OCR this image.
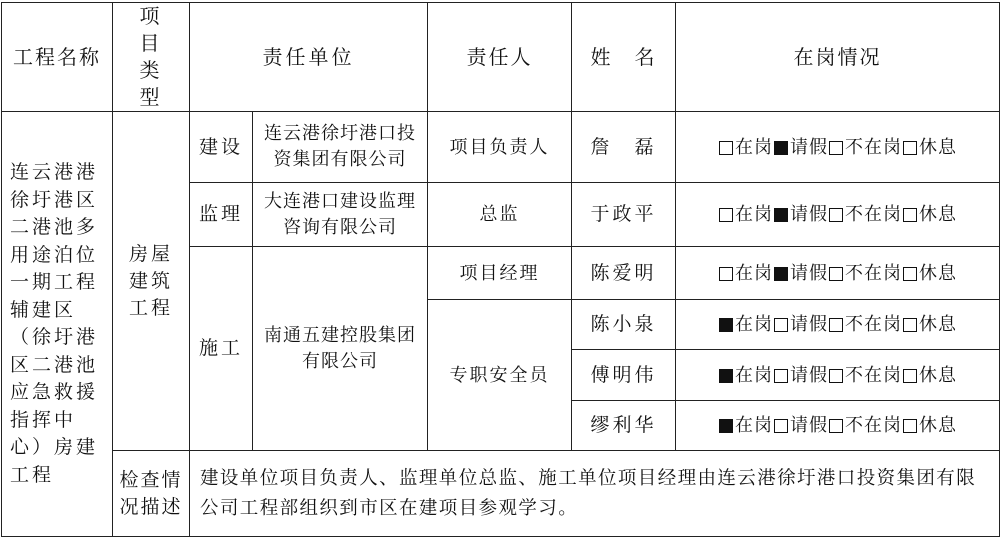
工程名称	项目类型	责任单位		责任人	姓　名	在岗情况
连云港港徐圩港区二港池多用途泊位一期工程辅建区（徐圩港区二港池应急救援指挥中心）房建工程	房屋建筑工程	建设	连云港徐圩港口投资集团有限公司	项目负责人	詹　磊	在岗 请假 不在岗 休息
		监理	大连港口建设监理咨询有限公司	总监	于政平	在岗 请假 不在岗 休息
		施工	南通五建控股集团有限公司	项目经理	陈爱明	在岗 请假 不在岗 休息
				专职安全员	陈小泉	在岗 请假 不在岗 休息
					傅明伟	在岗 请假 不在岗 休息
					缪利华	在岗 请假 不在岗 休息
	检查情况描述	建设单位项目负责人、监理单位总监、施工单位项目经理由连云港徐圩港口投资集团有限公司工程部组织到市区在建项目参观学习。				
